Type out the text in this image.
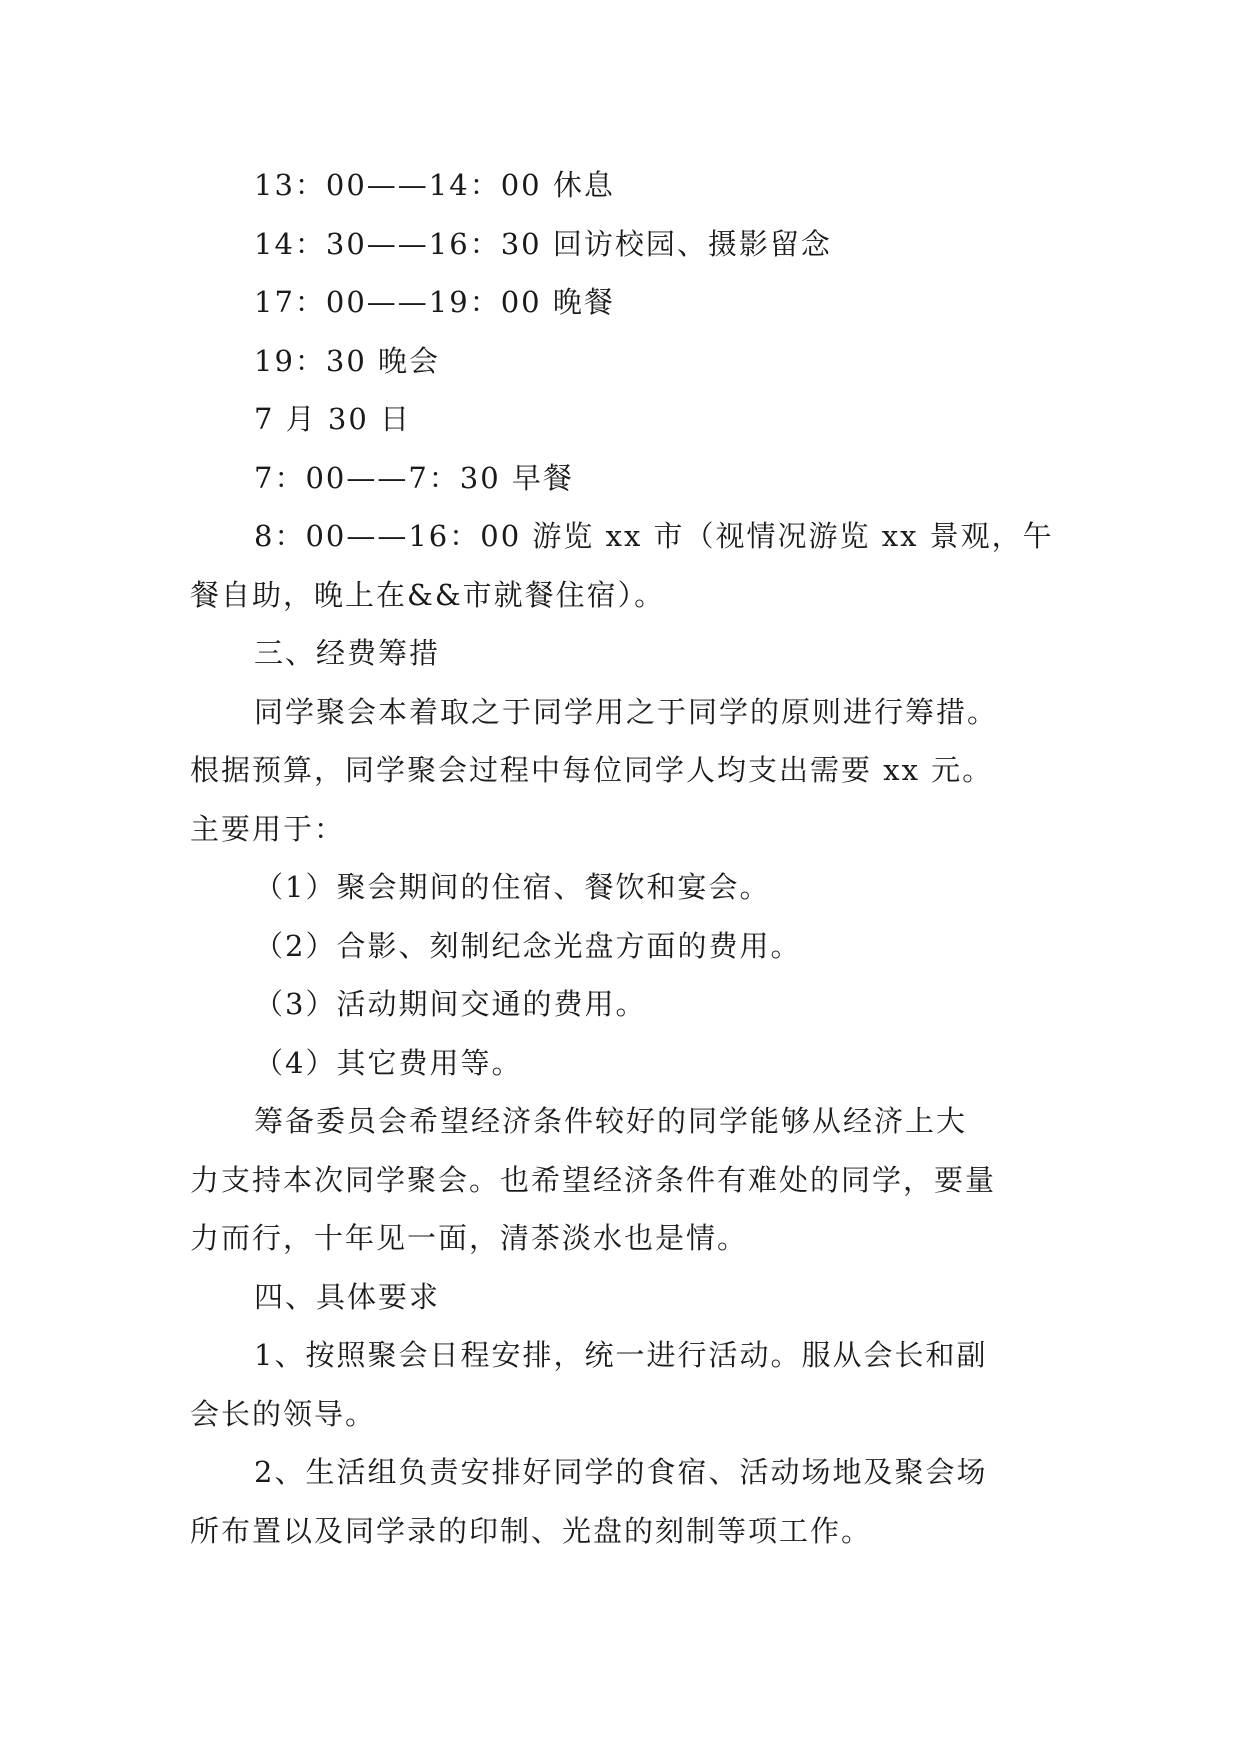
13：00——14：00 休息
14：30——16：30 回访校园、摄影留念
17：00——19：00 晚餐
19：30 晚会
7 月 30 日
7：00——7：30 早餐
8：00——16：00 游览 xx 市（视情况游览 xx 景观，午
餐自助，晚上在&&市就餐住宿）。
三、经费筹措
同学聚会本着取之于同学用之于同学的原则进行筹措。
根据预算，同学聚会过程中每位同学人均支出需要 xx 元。
主要用于：
（1）聚会期间的住宿、餐饮和宴会。
（2）合影、刻制纪念光盘方面的费用。
（3）活动期间交通的费用。
（4）其它费用等。
筹备委员会希望经济条件较好的同学能够从经济上大
力支持本次同学聚会。也希望经济条件有难处的同学，要量
力而行，十年见一面，清茶淡水也是情。
四、具体要求
1、按照聚会日程安排，统一进行活动。服从会长和副
会长的领导。
2、生活组负责安排好同学的食宿、活动场地及聚会场
所布置以及同学录的印制、光盘的刻制等项工作。
